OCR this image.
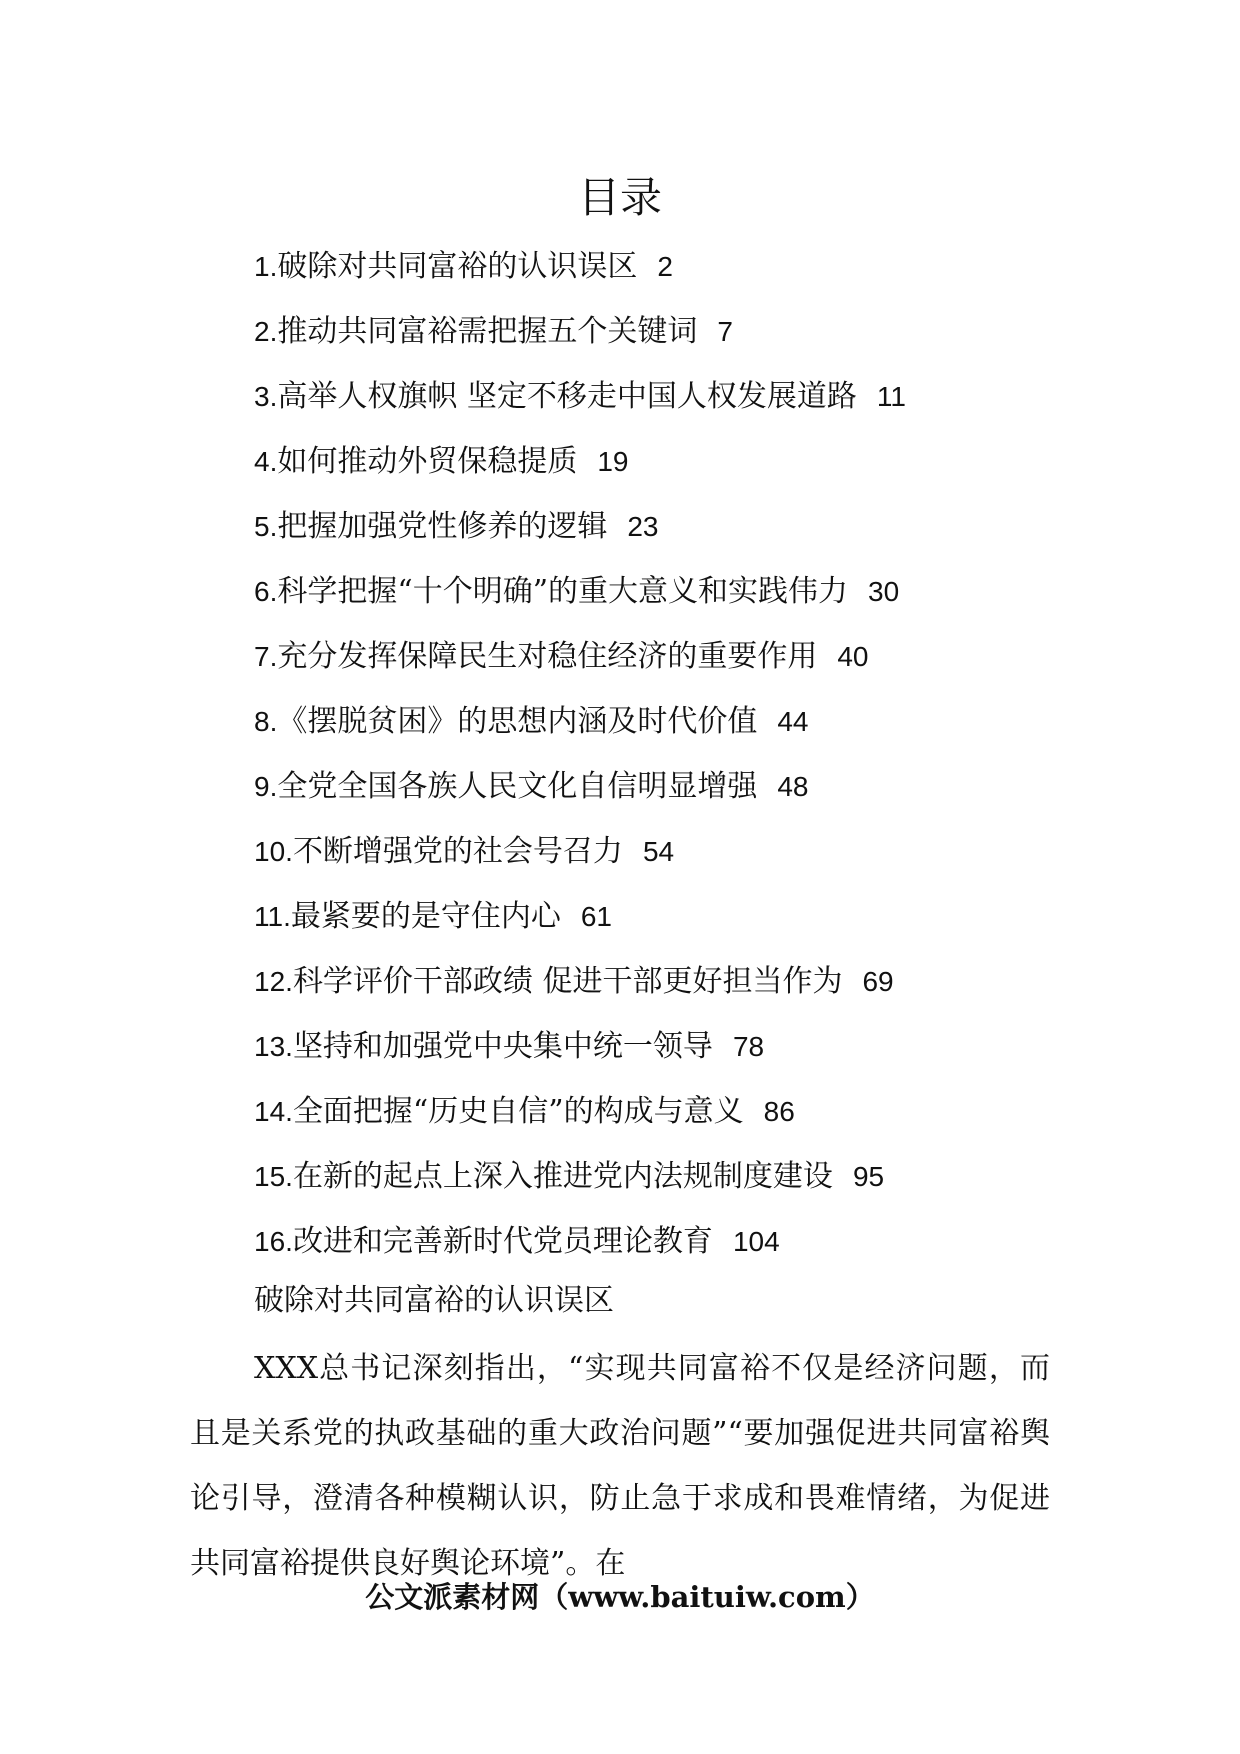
目录
1.破除对共同富裕的认识误区 2
2.推动共同富裕需把握五个关键词 7
3.高举人权旗帜 坚定不移走中国人权发展道路 11
4.如何推动外贸保稳提质 19
5.把握加强党性修养的逻辑 23
6.科学把握“十个明确”的重大意义和实践伟力 30
7.充分发挥保障民生对稳住经济的重要作用 40
8.《摆脱贫困》的思想内涵及时代价值 44
9.全党全国各族人民文化自信明显增强 48
10.不断增强党的社会号召力 54
11.最紧要的是守住内心 61
12.科学评价干部政绩 促进干部更好担当作为 69
13.坚持和加强党中央集中统一领导 78
14.全面把握“历史自信”的构成与意义 86
15.在新的起点上深入推进党内法规制度建设 95
16.改进和完善新时代党员理论教育 104
破除对共同富裕的认识误区

XXX总书记深刻指出，“实现共同富裕不仅是经济问题，而且是关系党的执政基础的重大政治问题”“要加强促进共同富裕舆论引导，澄清各种模糊认识，防止急于求成和畏难情绪，为促进共同富裕提供良好舆论环境”。在

公文派素材网（www.baituiw.com）
